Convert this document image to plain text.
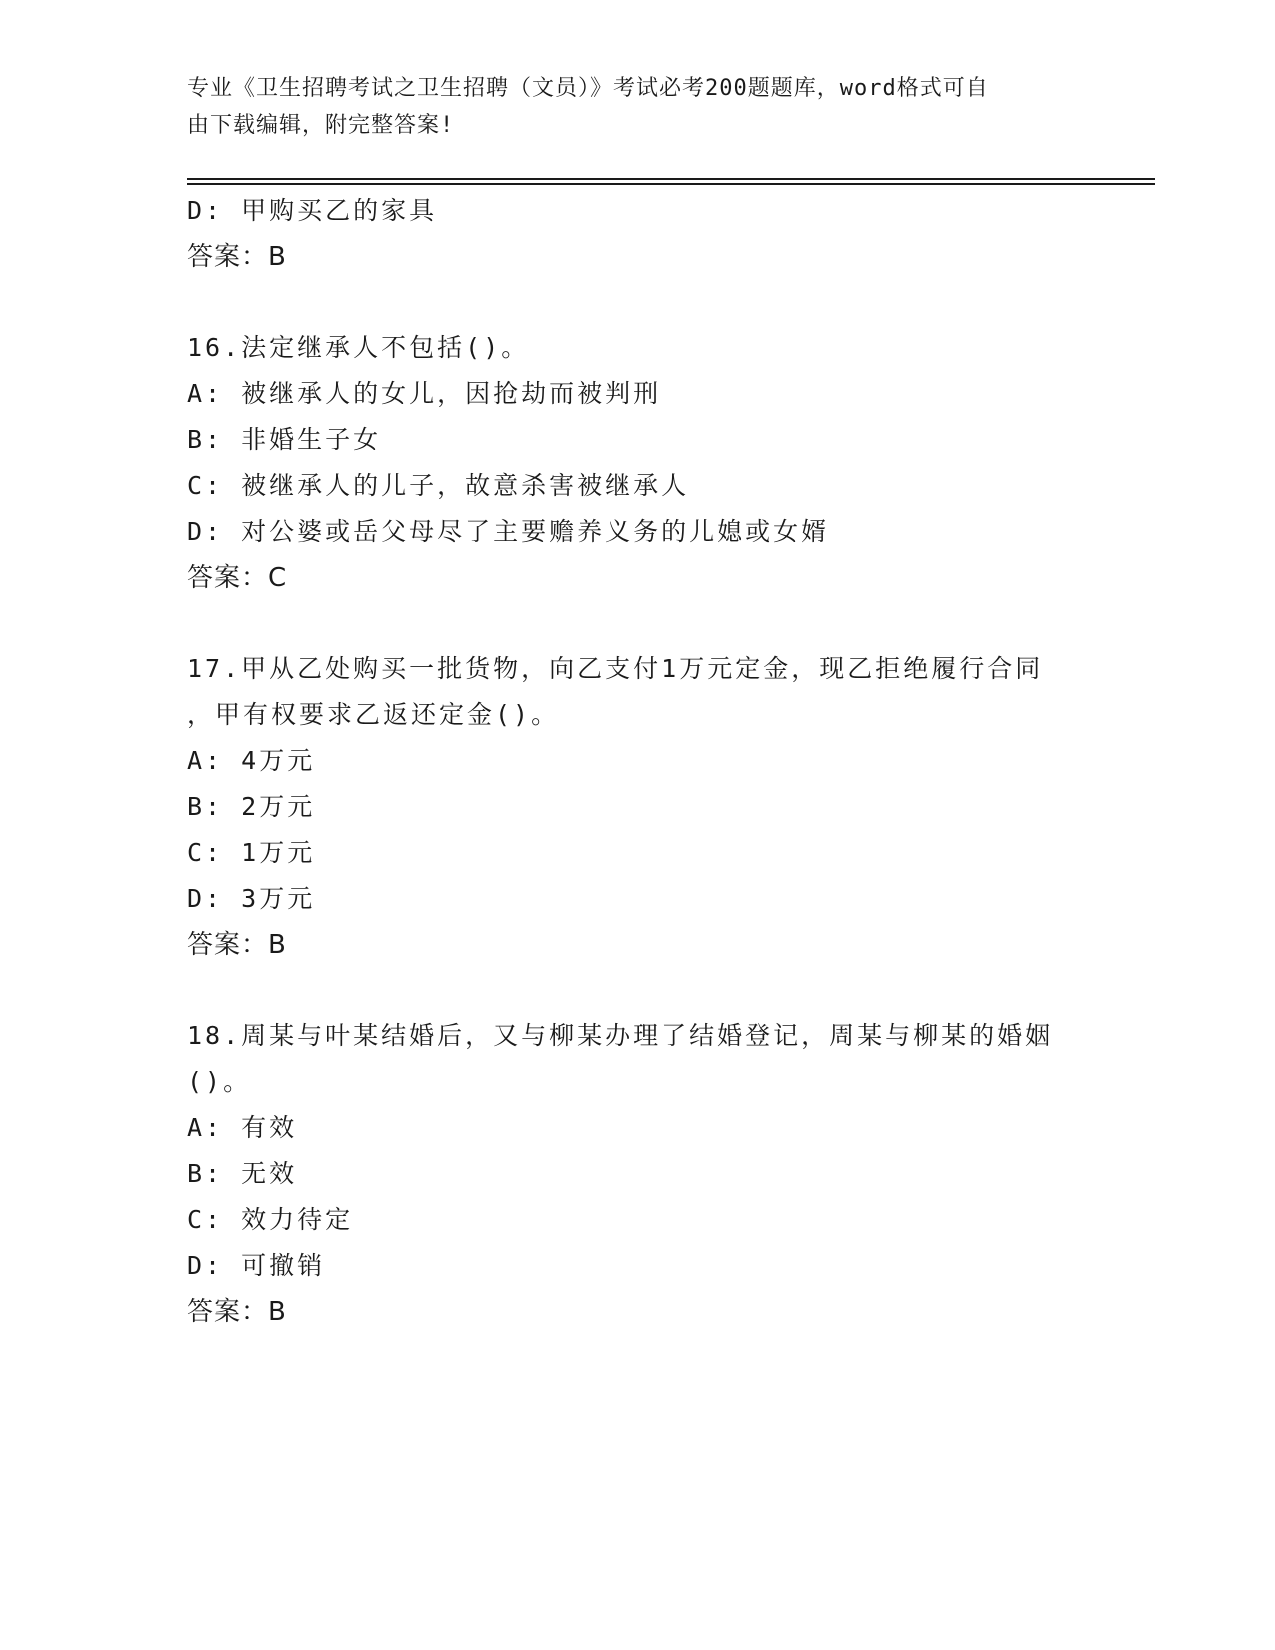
专业《卫生招聘考试之卫生招聘（文员）》考试必考200题题库，word格式可自
由下载编辑，附完整答案!
D: 甲购买乙的家具
答案：B
16.法定继承人不包括()。
A: 被继承人的女儿，因抢劫而被判刑
B: 非婚生子女
C: 被继承人的儿子，故意杀害被继承人
D: 对公婆或岳父母尽了主要赡养义务的儿媳或女婿
答案：C
17.甲从乙处购买一批货物，向乙支付1万元定金，现乙拒绝履行合同
，甲有权要求乙返还定金()。
A: 4万元
B: 2万元
C: 1万元
D: 3万元
答案：B
18.周某与叶某结婚后，又与柳某办理了结婚登记，周某与柳某的婚姻
()。
A: 有效
B: 无效
C: 效力待定
D: 可撤销
答案：B
